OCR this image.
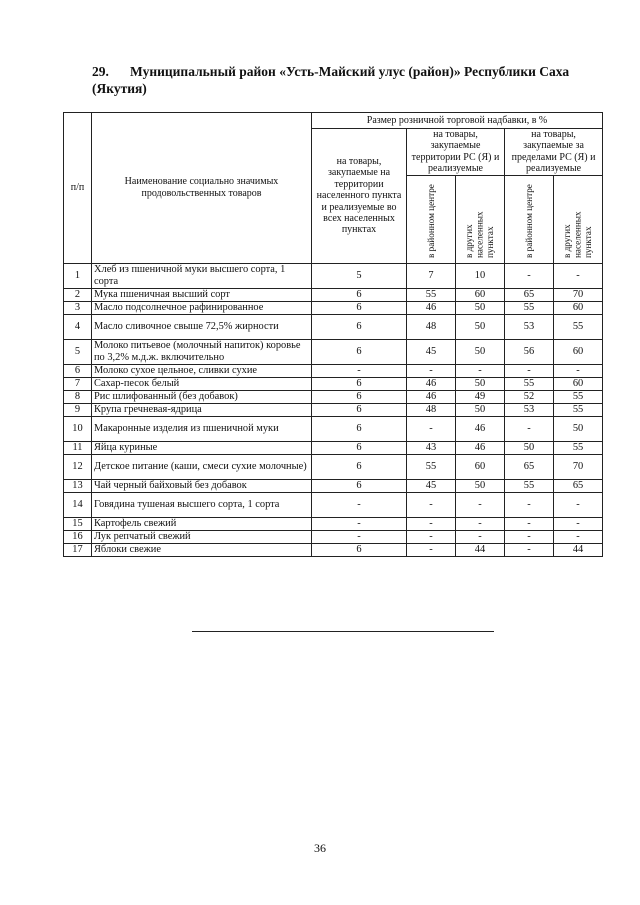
29. Муниципальный район «Усть-Майский улус (район)» Республики Саха (Якутия)
п/п	Наименование социально значимых продовольственных товаров	Размер розничной торговой надбавки, в %				
		на товары, закупаемые на территории населенного пункта и реализуемые во всех населенных пунктах	на товары, закупаемые территории РС (Я) и реализуемые		на товары, закупаемые за пределами РС (Я) и реализуемые	

			в районном центре	в других населенных пунктах	в районном центре	в других населенных пунктах

1	Хлеб из пшеничной муки высшего сорта, 1 сорта	5	7	10	-	-
2	Мука пшеничная высший сорт	6	55	60	65	70
3	Масло подсолнечное рафинированное	6	46	50	55	60
4	Масло сливочное свыше 72,5% жирности	6	48	50	53	55
5	Молоко питьевое (молочный напиток) коровье по 3,2% м.д.ж. включительно	6	45	50	56	60
6	Молоко сухое цельное, сливки сухие	-	-	-	-	-
7	Сахар-песок белый	6	46	50	55	60
8	Рис шлифованный (без добавок)	6	46	49	52	55
9	Крупа гречневая-ядрица	6	48	50	53	55
10	Макаронные изделия из пшеничной муки	6	-	46	-	50
11	Яйца куриные	6	43	46	50	55
12	Детское питание (каши, смеси сухие молочные)	6	55	60	65	70
13	Чай черный байховый без добавок	6	45	50	55	65
14	Говядина тушеная высшего сорта, 1 сорта	-	-	-	-	-
15	Картофель свежий	-	-	-	-	-
16	Лук репчатый свежий	-	-	-	-	-
17	Яблоки свежие	6	-	44	-	44
36
